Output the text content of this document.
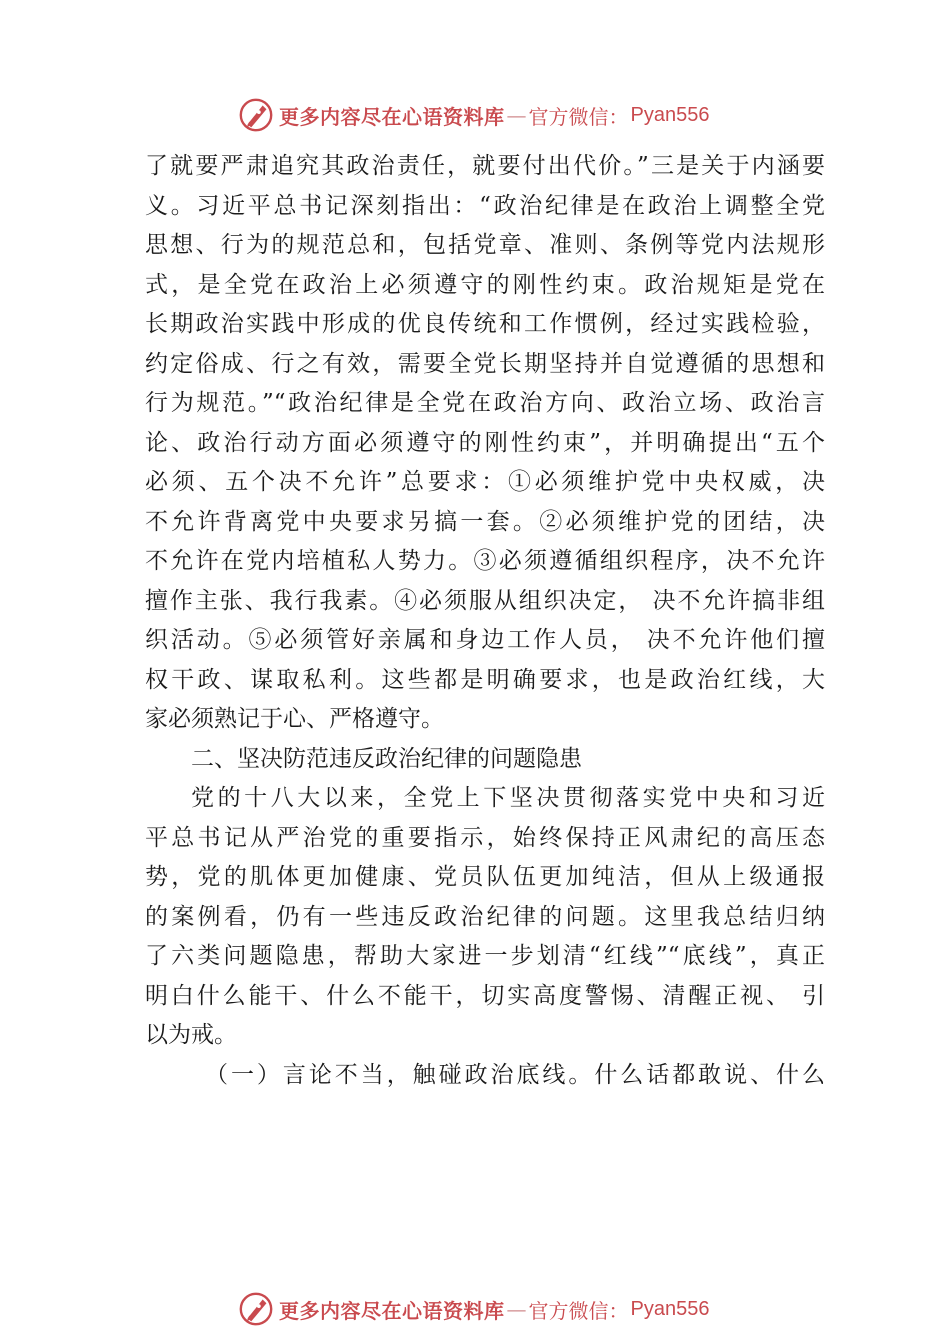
更多内容尽在心语资料库 — 官方微信： Pyan556
了就要严肃追究其政治责任，就要付出代价。”三是关于内涵要
义。习近平总书记深刻指出：“政治纪律是在政治上调整全党
思想、行为的规范总和，包括党章、准则、条例等党内法规形
式，是全党在政治上必须遵守的刚性约束。政治规矩是党在
长期政治实践中形成的优良传统和工作惯例，经过实践检验，
约定俗成、行之有效，需要全党长期坚持并自觉遵循的思想和
行为规范。”“政治纪律是全党在政治方向、政治立场、政治言
论、政治行动方面必须遵守的刚性约束”，并明确提出“五个
必须、五个决不允许”总要求：①必须维护党中央权威，决
不允许背离党中央要求另搞一套。②必须维护党的团结，决
不允许在党内培植私人势力。③必须遵循组织程序，决不允许
擅作主张、我行我素。④必须服从组织决定， 决不允许搞非组
织活动。⑤必须管好亲属和身边工作人员， 决不允许他们擅
权干政、谋取私利。这些都是明确要求，也是政治红线，大
家必须熟记于心、严格遵守。
二、坚决防范违反政治纪律的问题隐患
党的十八大以来，全党上下坚决贯彻落实党中央和习近
平总书记从严治党的重要指示，始终保持正风肃纪的高压态
势，党的肌体更加健康、党员队伍更加纯洁，但从上级通报
的案例看，仍有一些违反政治纪律的问题。这里我总结归纳
了六类问题隐患，帮助大家进一步划清“红线”“底线”，真正
明白什么能干、什么不能干，切实高度警惕、清醒正视、 引
以为戒。
（一）言论不当，触碰政治底线。什么话都敢说、什么
更多内容尽在心语资料库 — 官方微信： Pyan556
